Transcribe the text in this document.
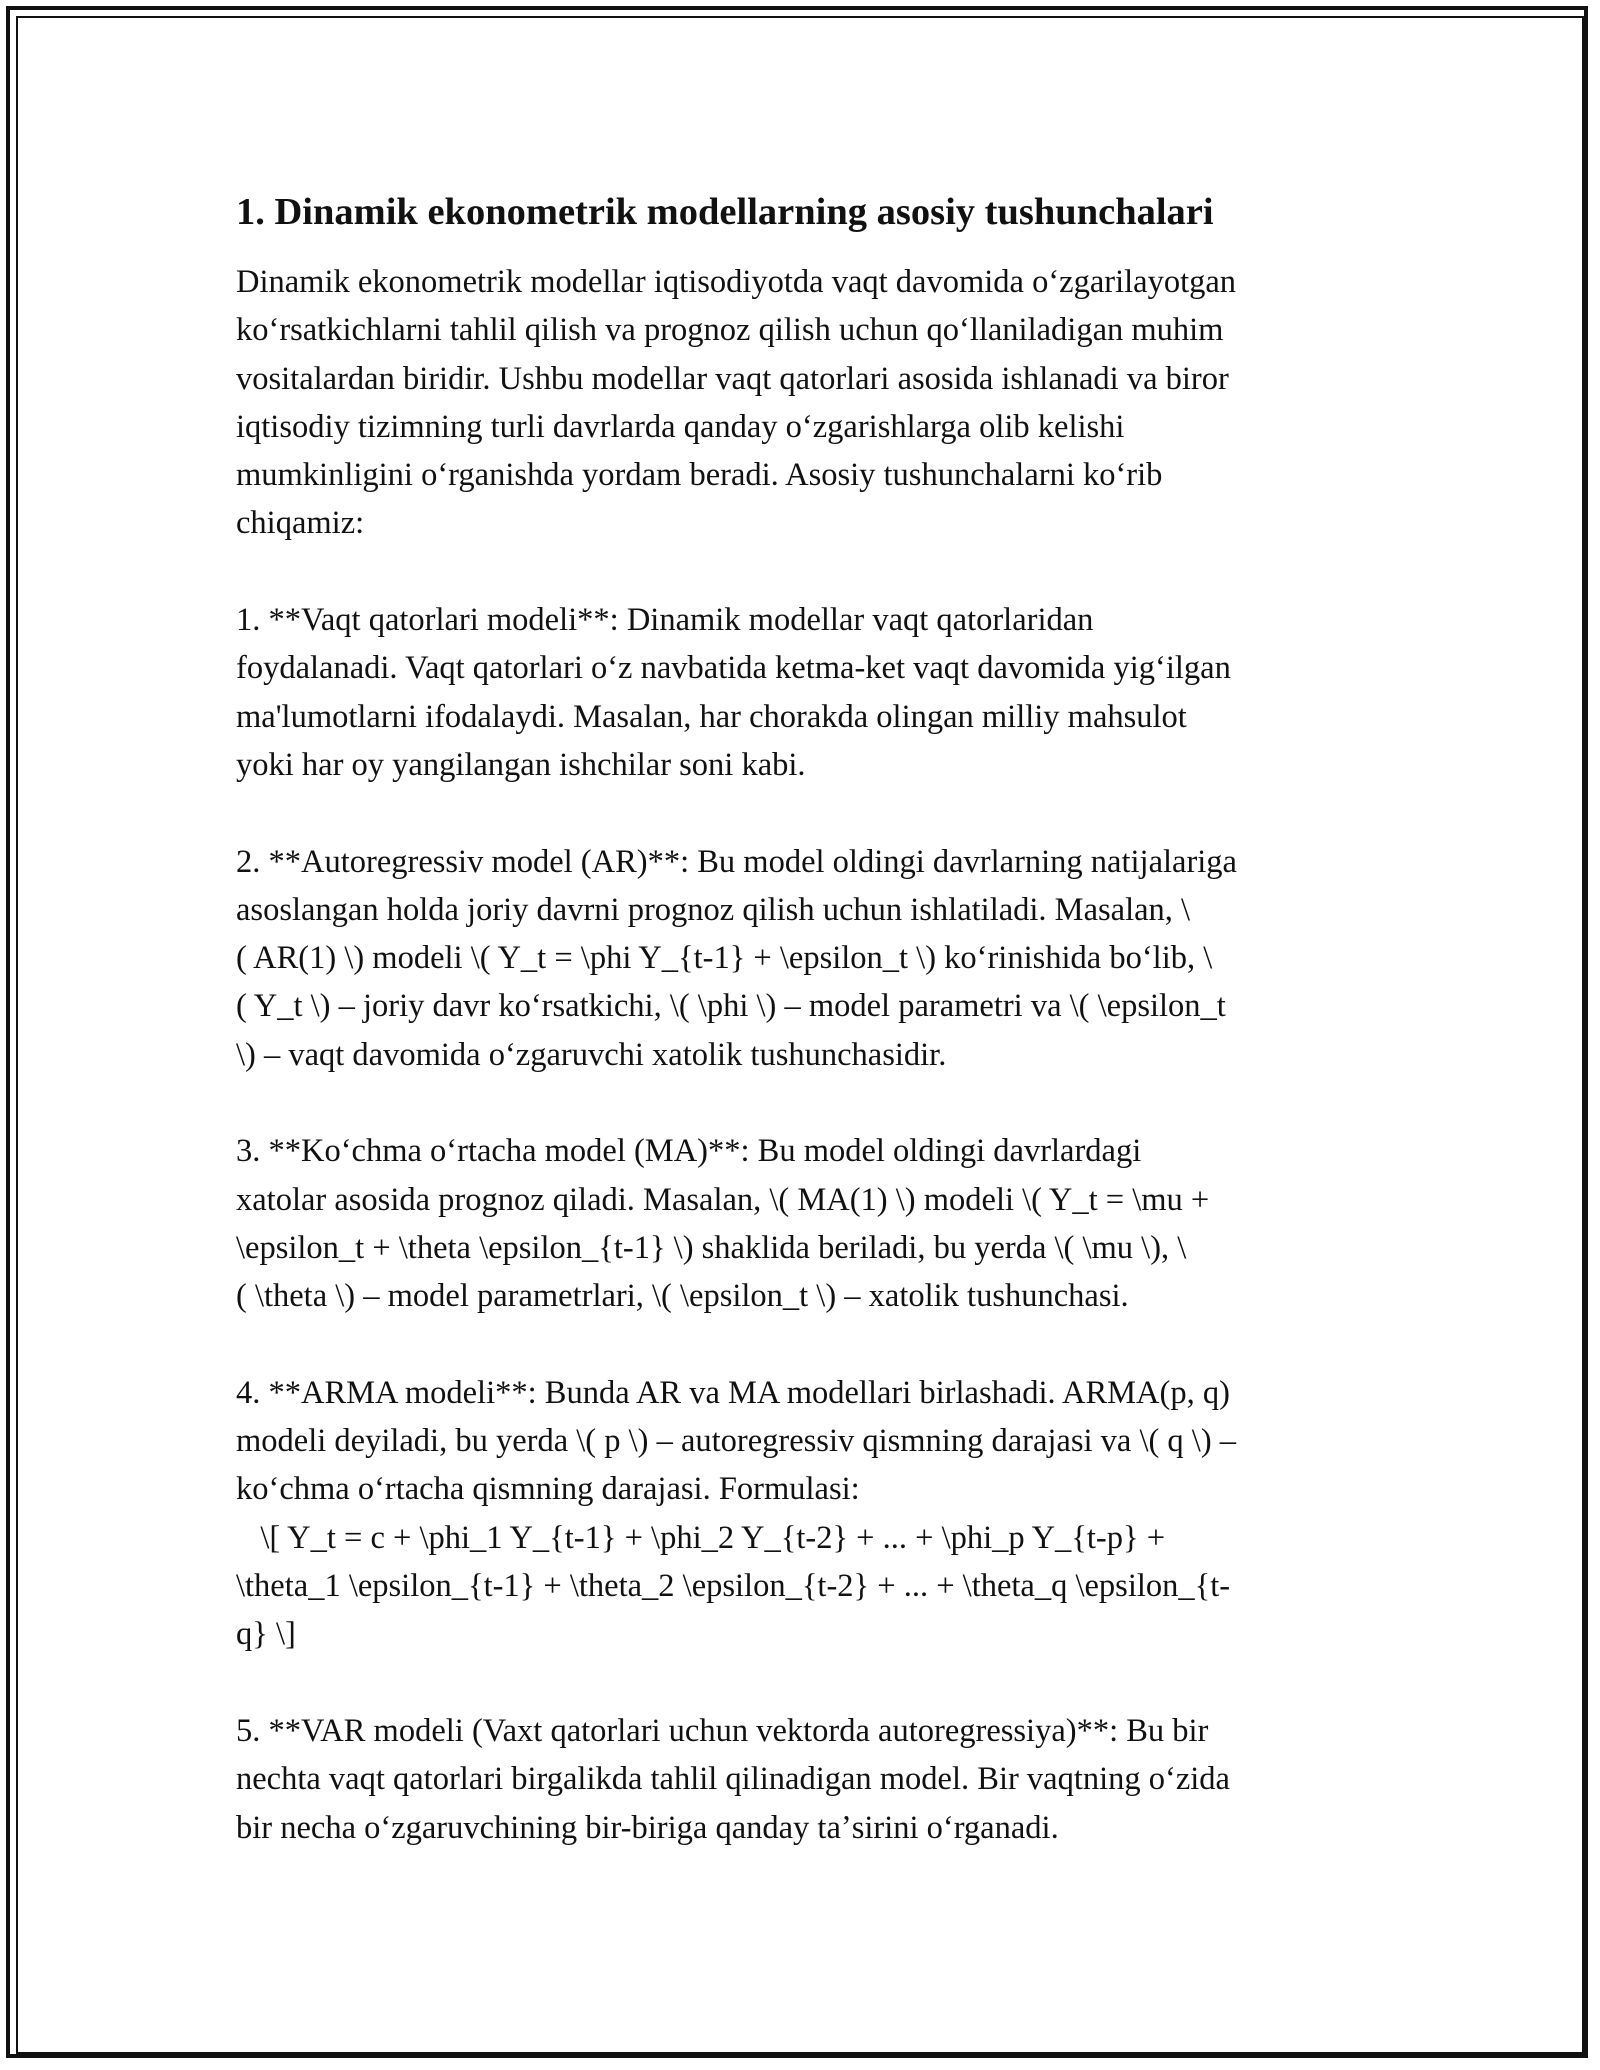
1. Dinamik ekonometrik modellarning asosiy tushunchalari

Dinamik ekonometrik modellar iqtisodiyotda vaqt davomida oʻzgarilayotgan
koʻrsatkichlarni tahlil qilish va prognoz qilish uchun qoʻllaniladigan muhim
vositalardan biridir. Ushbu modellar vaqt qatorlari asosida ishlanadi va biror
iqtisodiy tizimning turli davrlarda qanday oʻzgarishlarga olib kelishi
mumkinligini oʻrganishda yordam beradi. Asosiy tushunchalarni koʻrib
chiqamiz:

1. **Vaqt qatorlari modeli**: Dinamik modellar vaqt qatorlaridan
foydalanadi. Vaqt qatorlari oʻz navbatida ketma-ket vaqt davomida yigʻilgan
ma'lumotlarni ifodalaydi. Masalan, har chorakda olingan milliy mahsulot
yoki har oy yangilangan ishchilar soni kabi.

2. **Autoregressiv model (AR)**: Bu model oldingi davrlarning natijalariga
asoslangan holda joriy davrni prognoz qilish uchun ishlatiladi. Masalan, \
( AR(1) \) modeli \( Y_t = \phi Y_{t-1} + \epsilon_t \) koʻrinishida boʻlib, \
( Y_t \) – joriy davr koʻrsatkichi, \( \phi \) – model parametri va \( \epsilon_t
\) – vaqt davomida oʻzgaruvchi xatolik tushunchasidir.

3. **Koʻchma oʻrtacha model (MA)**: Bu model oldingi davrlardagi
xatolar asosida prognoz qiladi. Masalan, \( MA(1) \) modeli \( Y_t = \mu +
\epsilon_t + \theta \epsilon_{t-1} \) shaklida beriladi, bu yerda \( \mu \), \
( \theta \) – model parametrlari, \( \epsilon_t \) – xatolik tushunchasi.

4. **ARMA modeli**: Bunda AR va MA modellari birlashadi. ARMA(p, q)
modeli deyiladi, bu yerda \( p \) – autoregressiv qismning darajasi va \( q \) –
koʻchma oʻrtacha qismning darajasi. Formulasi:
\[ Y_t = c + \phi_1 Y_{t-1} + \phi_2 Y_{t-2} + ... + \phi_p Y_{t-p} +
\theta_1 \epsilon_{t-1} + \theta_2 \epsilon_{t-2} + ... + \theta_q \epsilon_{t-
q} \]

5. **VAR modeli (Vaxt qatorlari uchun vektorda autoregressiya)**: Bu bir
nechta vaqt qatorlari birgalikda tahlil qilinadigan model. Bir vaqtning oʻzida
bir necha oʻzgaruvchining bir-biriga qanday taʼsirini oʻrganadi.
